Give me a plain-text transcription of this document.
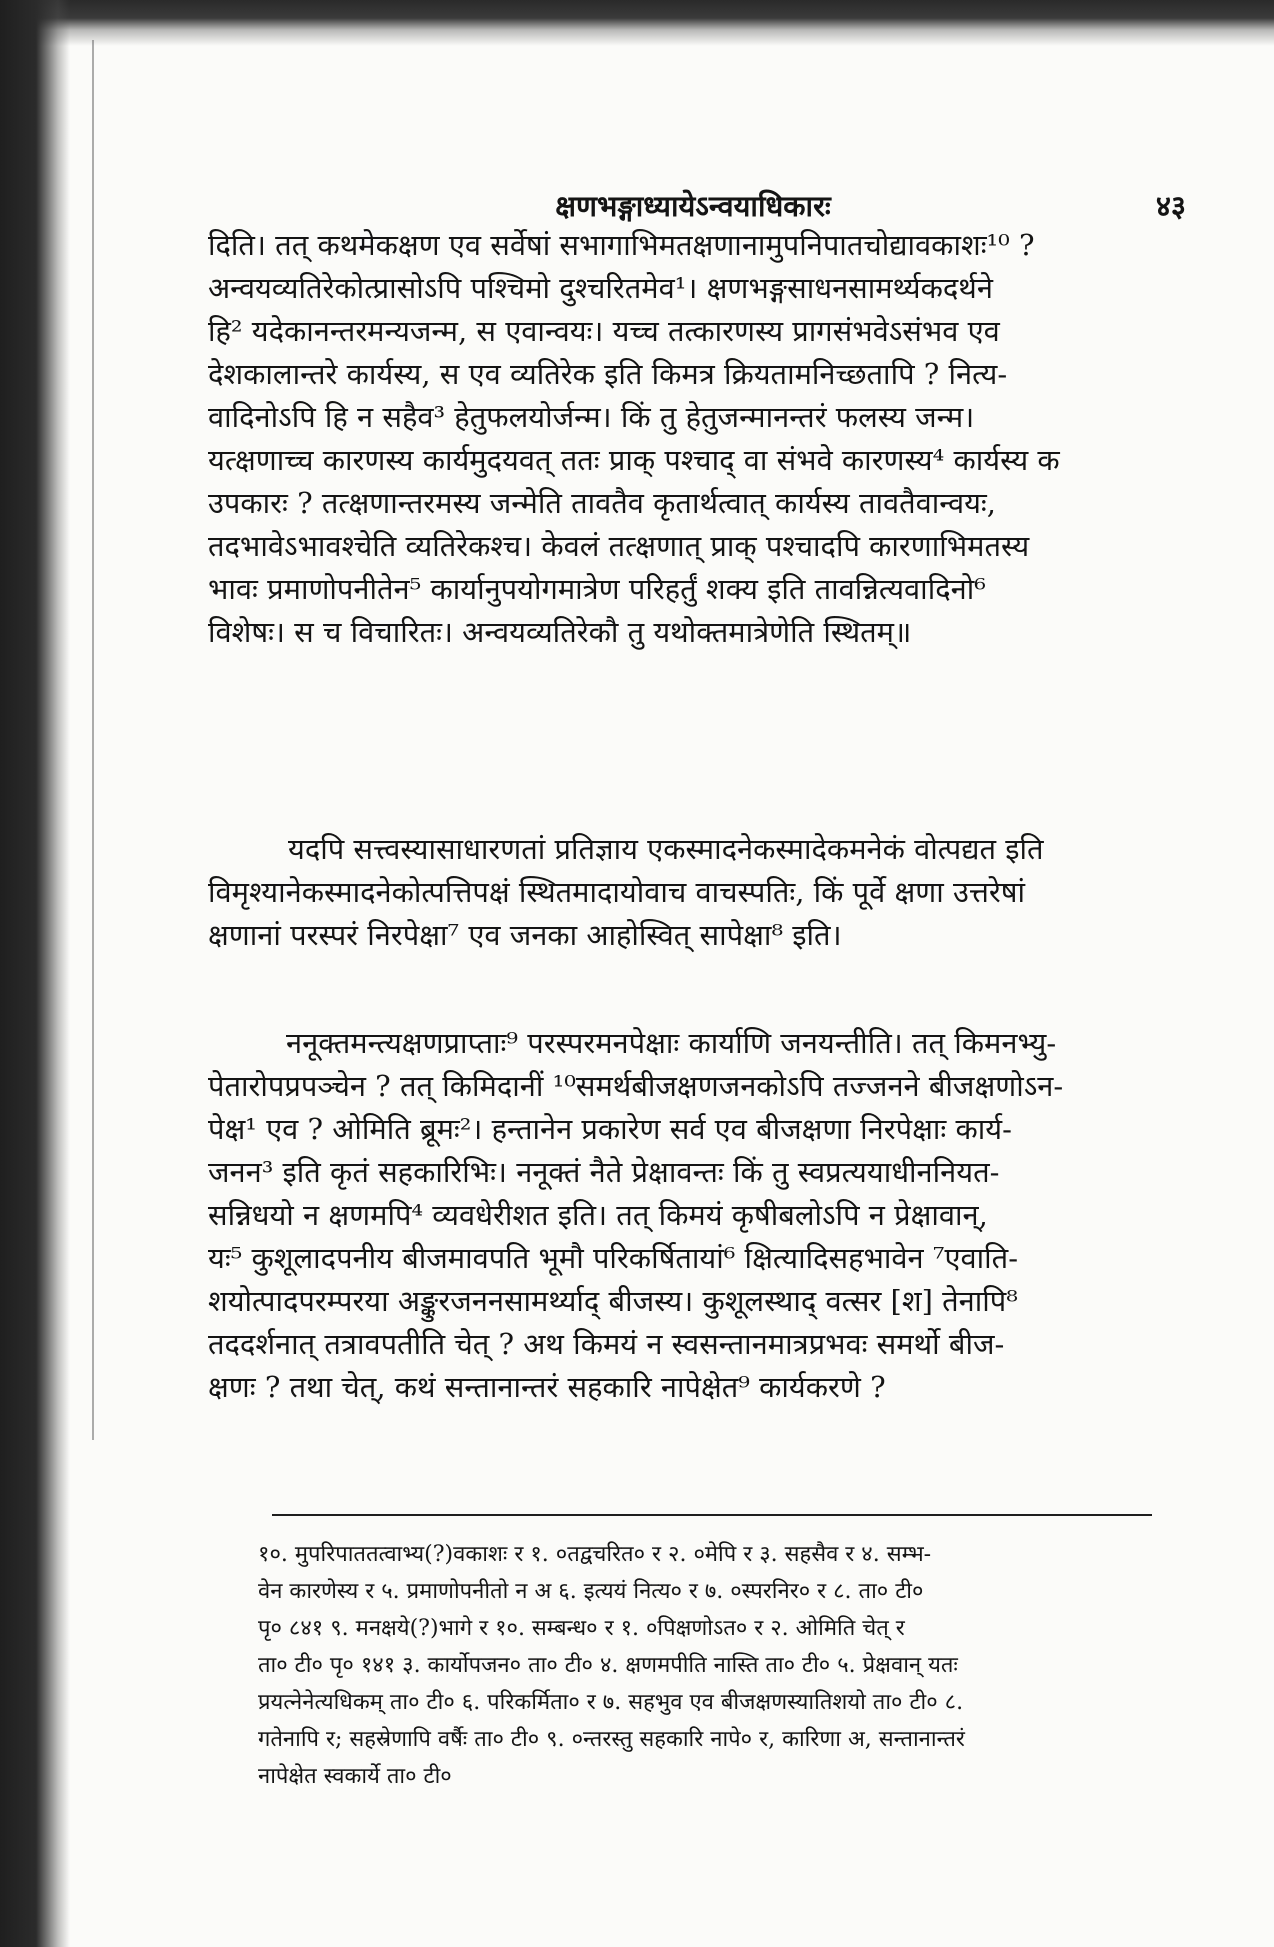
क्षणभङ्गाध्यायेऽन्वयाधिकारः	४३
दिति। तत् कथमेकक्षण एव सर्वेषां सभागाभिमतक्षणानामुपनिपातचोद्यावकाशः¹⁰ ?
अन्वयव्यतिरेकोत्प्रासोऽपि पश्चिमो दुश्चरितमेव¹। क्षणभङ्गसाधनसामर्थ्यकदर्थने
हि² यदेकानन्तरमन्यजन्म, स एवान्वयः। यच्च तत्कारणस्य प्रागसंभवेऽसंभव एव
देशकालान्तरे कार्यस्य, स एव व्यतिरेक इति किमत्र क्रियतामनिच्छतापि ? नित्य-
वादिनोऽपि हि न सहैव³ हेतुफलयोर्जन्म। किं तु हेतुजन्मानन्तरं फलस्य जन्म।
यत्क्षणाच्च कारणस्य कार्यमुदयवत् ततः प्राक् पश्चाद् वा संभवे कारणस्य⁴ कार्यस्य क
उपकारः ? तत्क्षणान्तरमस्य जन्मेति तावतैव कृतार्थत्वात् कार्यस्य तावतैवान्वयः,
तदभावेऽभावश्चेति व्यतिरेकश्च। केवलं तत्क्षणात् प्राक् पश्चादपि कारणाभिमतस्य
भावः प्रमाणोपनीतेन⁵ कार्यानुपयोगमात्रेण परिहर्तुं शक्य इति तावन्नित्यवादिनो⁶
विशेषः। स च विचारितः। अन्वयव्यतिरेकौ तु यथोक्तमात्रेणेति स्थितम्॥
यदपि सत्त्वस्यासाधारणतां प्रतिज्ञाय एकस्मादनेकस्मादेकमनेकं वोत्पद्यत इति
विमृश्यानेकस्मादनेकोत्पत्तिपक्षं स्थितमादायोवाच वाचस्पतिः, किं पूर्वे क्षणा उत्तरेषां
क्षणानां परस्परं निरपेक्षा⁷ एव जनका आहोस्वित् सापेक्षा⁸ इति।
ननूक्तमन्त्यक्षणप्राप्ताः⁹ परस्परमनपेक्षाः कार्याणि जनयन्तीति। तत् किमनभ्यु-
पेतारोपप्रपञ्चेन ? तत् किमिदानीं ¹⁰समर्थबीजक्षणजनकोऽपि तज्जनने बीजक्षणोऽन-
पेक्ष¹ एव ? ओमिति ब्रूमः²। हन्तानेन प्रकारेण सर्व एव बीजक्षणा निरपेक्षाः कार्य-
जनन³ इति कृतं सहकारिभिः। ननूक्तं नैते प्रेक्षावन्तः किं तु स्वप्रत्ययाधीननियत-
सन्निधयो न क्षणमपि⁴ व्यवधेरीशत इति। तत् किमयं कृषीबलोऽपि न प्रेक्षावान्,
यः⁵ कुशूलादपनीय बीजमावपति भूमौ परिकर्षितायां⁶ क्षित्यादिसहभावेन ⁷एवाति-
शयोत्पादपरम्परया अङ्कुरजननसामर्थ्याद् बीजस्य। कुशूलस्थाद् वत्सर [श] तेनापि⁸
तददर्शनात् तत्रावपतीति चेत् ? अथ किमयं न स्वसन्तानमात्रप्रभवः समर्थो बीज-
क्षणः ? तथा चेत्, कथं सन्तानान्तरं सहकारि नापेक्षेत⁹ कार्यकरणे ?
१०. मुपरिपाततत्वाभ्य(?)वकाशः र १. ०तद्वचरित० र २. ०मेपि र ३. सहसैव र ४. सम्भ-
वेन कारणेस्य र ५. प्रमाणोपनीतो न अ ६. इत्ययं नित्य० र ७. ०स्परनिर० र ८. ता० टी०
पृ० ८४१ ९. मनक्षये(?)भागे र १०. सम्बन्ध० र १. ०पिक्षणोऽत० र २. ओमिति चेत् र
ता० टी० पृ० १४१ ३. कार्योपजन० ता० टी० ४. क्षणमपीति नास्ति ता० टी० ५. प्रेक्षवान् यतः
प्रयत्नेनेत्यधिकम् ता० टी० ६. परिकर्मिता० र ७. सहभुव एव बीजक्षणस्यातिशयो ता० टी० ८.
गतेनापि र; सहस्रेणापि वर्षैः ता० टी० ९. ०न्तरस्तु सहकारि नापे० र, कारिणा अ, सन्तानान्तरं
नापेक्षेत स्वकार्ये ता० टी०
